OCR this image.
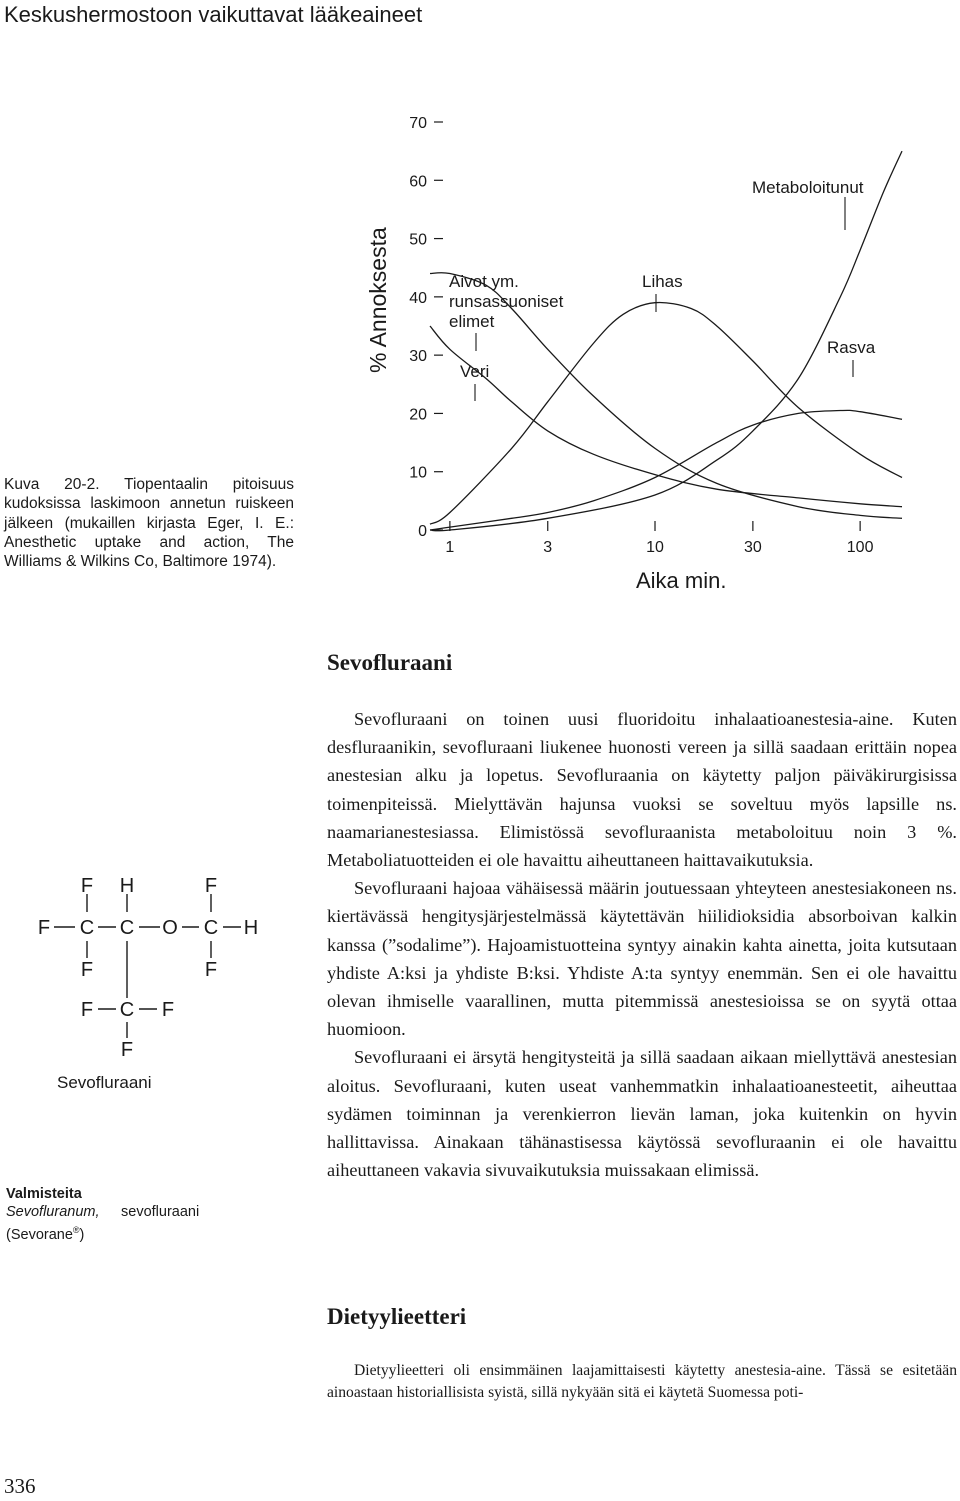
Keskushermostoon vaikuttavat lääkeaineet
0
10
20
30
40
50
60
70
1	3	10	30	100
Veri
Aivot ym. runsassuoniset elimet
Lihas
Rasva
Metaboloitunut
% Annoksesta
Aika min.
Kuva 20-2. Tiopentaalin pitoisuus kudoksissa laskimoon annetun ruiskeen jälkeen (mukaillen kirjasta Eger, I. E.: Anesthetic uptake and action, The Williams & Wilkins Co, Baltimore 1974).
Sevofluraani

Sevofluraani on toinen uusi fluoridoitu inhalaatioanestesia-aine. Kuten desfluraanikin, sevofluraani liukenee huonosti vereen ja sillä saadaan erittäin nopea anestesian alku ja lopetus. Sevofluraania on käytetty paljon päiväkirurgisissa toimenpiteissä. Mielyttävän hajunsa vuoksi se soveltuu myös lapsille ns. naamarianestesiassa. Elimistössä sevofluraanista metaboloituu noin 3 %. Metaboliatuotteiden ei ole havaittu aiheuttaneen haittavaikutuksia.

Sevofluraani hajoaa vähäisessä määrin joutuessaan yhteyteen anestesiakoneen ns. kiertävässä hengitysjärjestelmässä käytettävän hiilidioksidia absorboivan kalkin kanssa (”sodalime”). Hajoamistuotteina syntyy ainakin kahta ainetta, joita kutsutaan yhdiste A:ksi ja yhdiste B:ksi. Yhdiste A:ta syntyy enemmän. Sen ei ole havaittu olevan ihmiselle vaarallinen, mutta pitemmissä anestesioissa se on syytä ottaa huomioon.

Sevofluraani ei ärsytä hengitysteitä ja sillä saadaan aikaan miellyttävä anestesian aloitus. Sevofluraani, kuten useat vanhemmatkin inhalaatioanesteetit, aiheuttaa sydämen toiminnan ja verenkierron lievän laman, joka kuitenkin on hyvin hallittavissa. Ainakaan tähänastisessa käytössä sevofluraanin ei ole havaittu aiheuttaneen vakavia sivuvaikutuksia muissakaan elimissä.

F H	F
F C C O C H
F	F
F C F
F
Sevofluraani
Valmisteita
Sevofluranum,
(Sevorane®)
sevofluraani
Dietyylieetteri

Dietyylieetteri oli ensimmäinen laajamittaisesti käytetty anestesia-aine. Tässä se esitetään ainoastaan historiallisista syistä, sillä nykyään sitä ei käytetä Suomessa poti-

336
